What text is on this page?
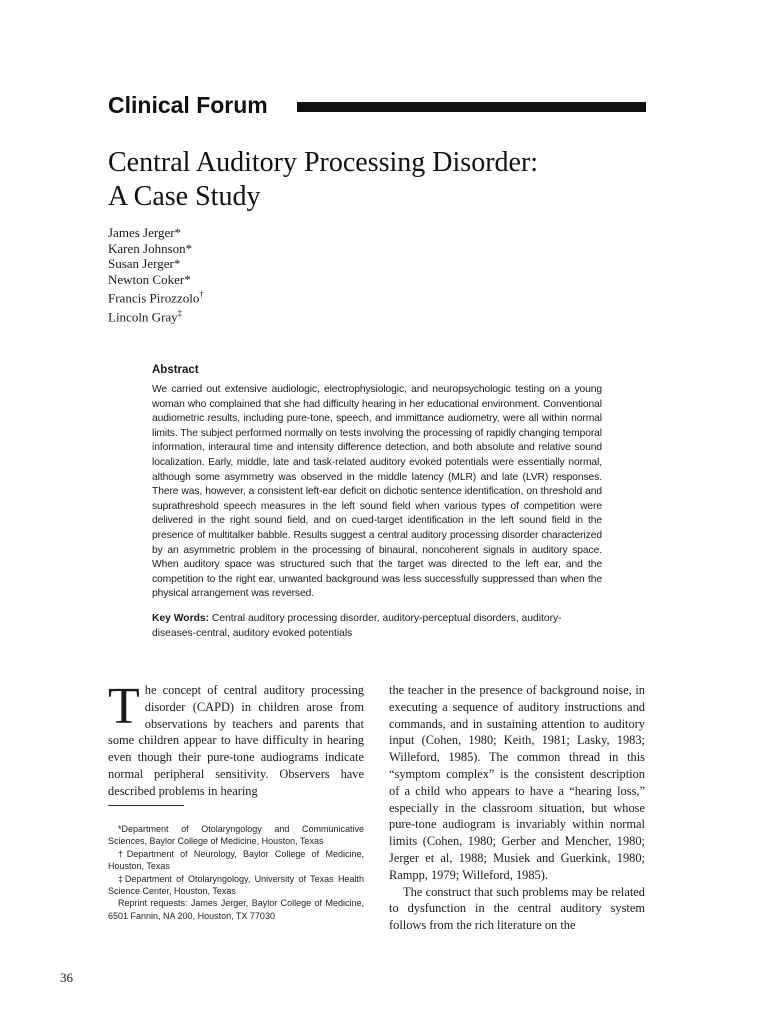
Clinical Forum
Central Auditory Processing Disorder:
A Case Study
James Jerger*
Karen Johnson*
Susan Jerger*
Newton Coker*
Francis Pirozzolo†
Lincoln Gray‡
Abstract
We carried out extensive audiologic, electrophysiologic, and neuropsychologic testing on a young woman who complained that she had difficulty hearing in her educational environment. Conventional audiometric results, including pure-tone, speech, and immittance audiometry, were all within normal limits. The subject performed normally on tests involving the processing of rapidly changing temporal information, interaural time and intensity difference detection, and both absolute and relative sound localization. Early, middle, late and task-related auditory evoked potentials were essentially normal, although some asymmetry was observed in the middle latency (MLR) and late (LVR) responses. There was, however, a consistent left-ear deficit on dichotic sentence identification, on threshold and suprathreshold speech measures in the left sound field when various types of competition were delivered in the right sound field, and on cued-target identification in the left sound field in the presence of multitalker babble. Results suggest a central auditory processing disorder characterized by an asymmetric problem in the processing of binaural, noncoherent signals in auditory space. When auditory space was structured such that the target was directed to the left ear, and the competition to the right ear, unwanted background was less successfully suppressed than when the physical arrangement was reversed.
Key Words: Central auditory processing disorder, auditory-perceptual disorders, auditory-diseases-central, auditory evoked potentials
The concept of central auditory processing disorder (CAPD) in children arose from observations by teachers and parents that some children appear to have difficulty in hearing even though their pure-tone audiograms indicate normal peripheral sensitivity. Observers have described problems in hearing

the teacher in the presence of background noise, in executing a sequence of auditory instructions and commands, and in sustaining attention to auditory input (Cohen, 1980; Keith, 1981; Lasky, 1983; Willeford, 1985). The common thread in this “symptom complex” is the consistent description of a child who appears to have a “hearing loss,” especially in the classroom situation, but whose pure-tone audiogram is invariably within normal limits (Cohen, 1980; Gerber and Mencher, 1980; Jerger et al, 1988; Musiek and Guerkink, 1980; Rampp, 1979; Willeford, 1985).

The construct that such problems may be related to dysfunction in the central auditory system follows from the rich literature on the

*Department of Otolaryngology and Communicative Sciences, Baylor College of Medicine, Houston, Texas

†Department of Neurology, Baylor College of Medicine, Houston, Texas

‡Department of Otolaryngology, University of Texas Health Science Center, Houston, Texas

Reprint requests: James Jerger, Baylor College of Medicine, 6501 Fannin, NA 200, Houston, TX 77030

36
